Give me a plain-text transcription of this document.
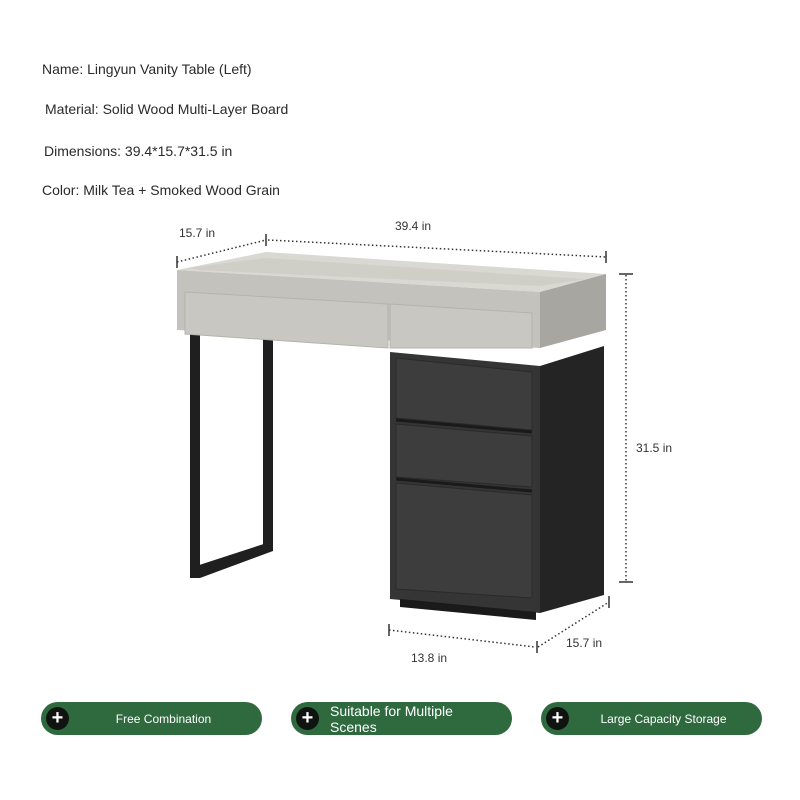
Name: Lingyun Vanity Table (Left)
Material: Solid Wood Multi-Layer Board
Dimensions: 39.4*15.7*31.5 in
Color: Milk Tea + Smoked Wood Grain
15.7 in	39.4 in
31.5 in
13.8 in
15.7 in
+	Free Combination	+	Suitable for Multiple Scenes	+	Large Capacity Storage
